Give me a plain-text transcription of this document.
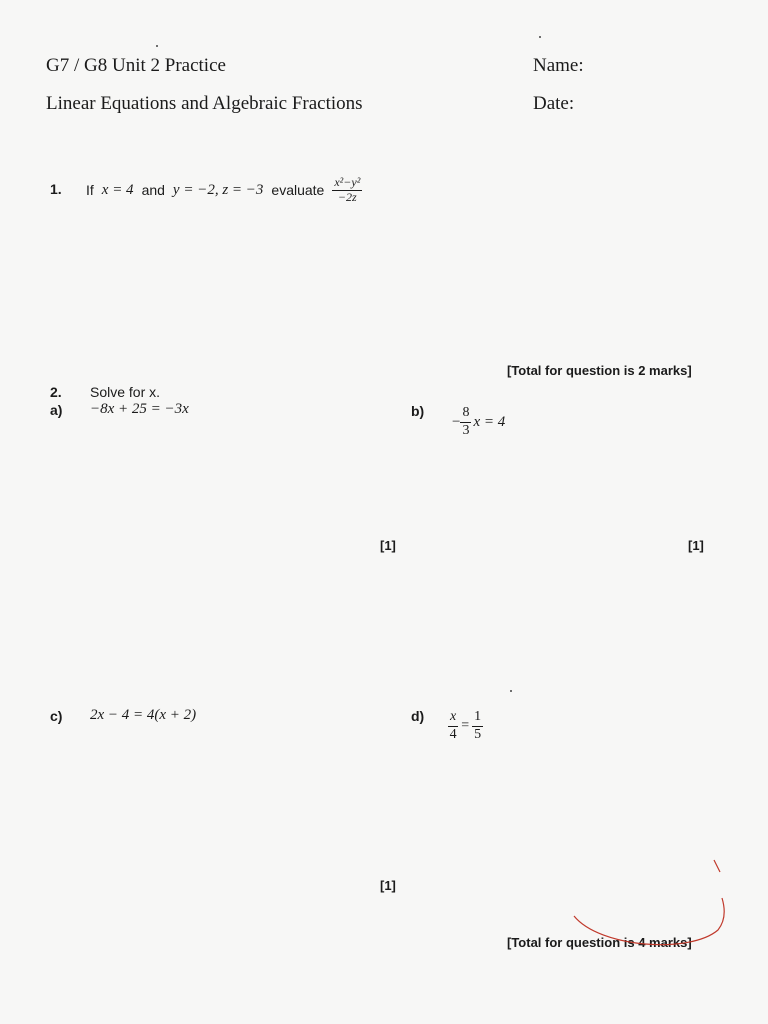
G7 / G8 Unit 2 Practice
Linear Equations and Algebraic Fractions
Name:
Date:
1. If x = 4 and y = −2, z = −3 evaluate $\frac{\text{x²−y²}}{-2z}$
[Total for question is 2 marks]
2. Solve for x.
a) −8x + 25 = −3x
[1]
b)
− $\frac{8}{3}$ x = 4
[1]
c) 2x − 4 = 4(x + 2)
[1]
$d) \frac{x}{4} = \frac{1}{5}$
[Total for question is 4 marks]
